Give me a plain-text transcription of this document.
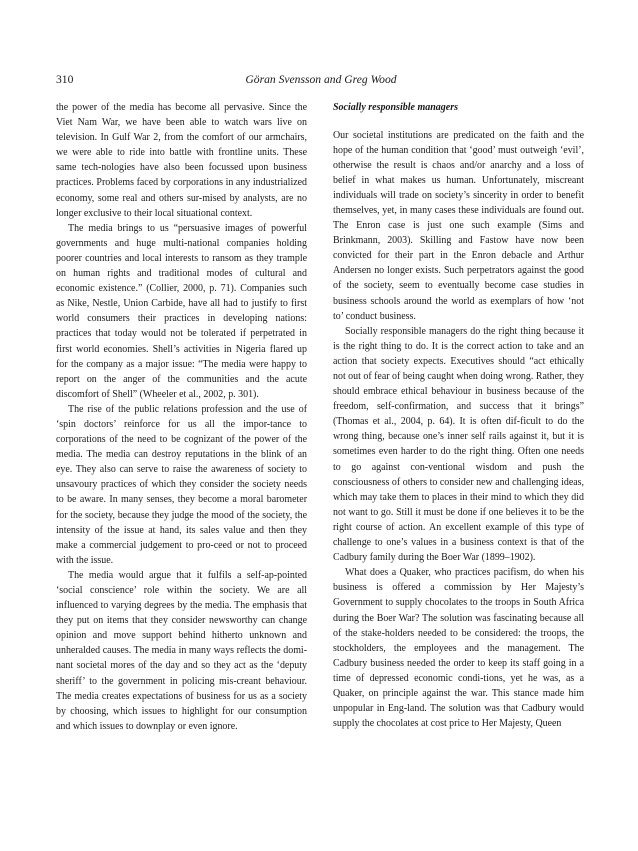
310	Göran Svensson and Greg Wood

the power of the media has become all pervasive. Since the Viet Nam War, we have been able to watch wars live on television. In Gulf War 2, from the comfort of our armchairs, we were able to ride into battle with frontline units. These same tech-nologies have also been focussed upon business practices. Problems faced by corporations in any industrialized economy, some real and others sur-mised by analysts, are no longer exclusive to their local situational context.

The media brings to us “persuasive images of powerful governments and huge multi-national companies holding poorer countries and local interests to ransom as they trample on human rights and traditional modes of cultural and economic existence.” (Collier, 2000, p. 71). Companies such as Nike, Nestle, Union Carbide, have all had to justify to first world consumers their practices in developing nations: practices that today would not be tolerated if perpetrated in first world economies. Shell’s activities in Nigeria flared up for the company as a major issue: “The media were happy to report on the anger of the communities and the acute discomfort of Shell” (Wheeler et al., 2002, p. 301).

The rise of the public relations profession and the use of ‘spin doctors’ reinforce for us all the impor-tance to corporations of the need to be cognizant of the power of the media. The media can destroy reputations in the blink of an eye. They also can serve to raise the awareness of society to unsavoury practices of which they consider the society needs to be aware. In many senses, they become a moral barometer for the society, because they judge the mood of the society, the intensity of the issue at hand, its sales value and then they make a commercial judgement to pro-ceed or not to proceed with the issue.

The media would argue that it fulfils a self-ap-pointed ‘social conscience’ role within the society. We are all influenced to varying degrees by the media. The emphasis that they put on items that they consider newsworthy can change opinion and move support behind hitherto unknown and unheralded causes. The media in many ways reflects the domi-nant societal mores of the day and so they act as the ‘deputy sheriff’ to the government in policing mis-creant behaviour. The media creates expectations of business for us as a society by choosing, which issues to highlight for our consumption and which issues to downplay or even ignore.

Socially responsible managers

Our societal institutions are predicated on the faith and the hope of the human condition that ‘good’ must outweigh ‘evil’, otherwise the result is chaos and/or anarchy and a loss of belief in what makes us human. Unfortunately, miscreant individuals will trade on society’s sincerity in order to benefit themselves, yet, in many cases these individuals are found out. The Enron case is just one such example (Sims and Brinkmann, 2003). Skilling and Fastow have now been convicted for their part in the Enron debacle and Arthur Andersen no longer exists. Such perpetrators against the good of the society, seem to eventually become case studies in business schools around the world as exemplars of how ‘not to’ conduct business.

Socially responsible managers do the right thing because it is the right thing to do. It is the correct action to take and an action that society expects. Executives should “act ethically not out of fear of being caught when doing wrong. Rather, they should embrace ethical behaviour in business because of the freedom, self-confirmation, and success that it brings” (Thomas et al., 2004, p. 64). It is often dif-ficult to do the wrong thing, because one’s inner self rails against it, but it is sometimes even harder to do the right thing. Often one needs to go against con-ventional wisdom and push the consciousness of others to consider new and challenging ideas, which may take them to places in their mind to which they did not want to go. Still it must be done if one believes it to be the right course of action. An excellent example of this type of challenge to one’s values in a business context is that of the Cadbury family during the Boer War (1899–1902).

What does a Quaker, who practices pacifism, do when his business is offered a commission by Her Majesty’s Government to supply chocolates to the troops in South Africa during the Boer War? The solution was fascinating because all of the stake-holders needed to be considered: the troops, the stockholders, the employees and the management. The Cadbury business needed the order to keep its staff going in a time of depressed economic condi-tions, yet he was, as a Quaker, on principle against the war. This stance made him unpopular in Eng-land. The solution was that Cadbury would supply the chocolates at cost price to Her Majesty, Queen
